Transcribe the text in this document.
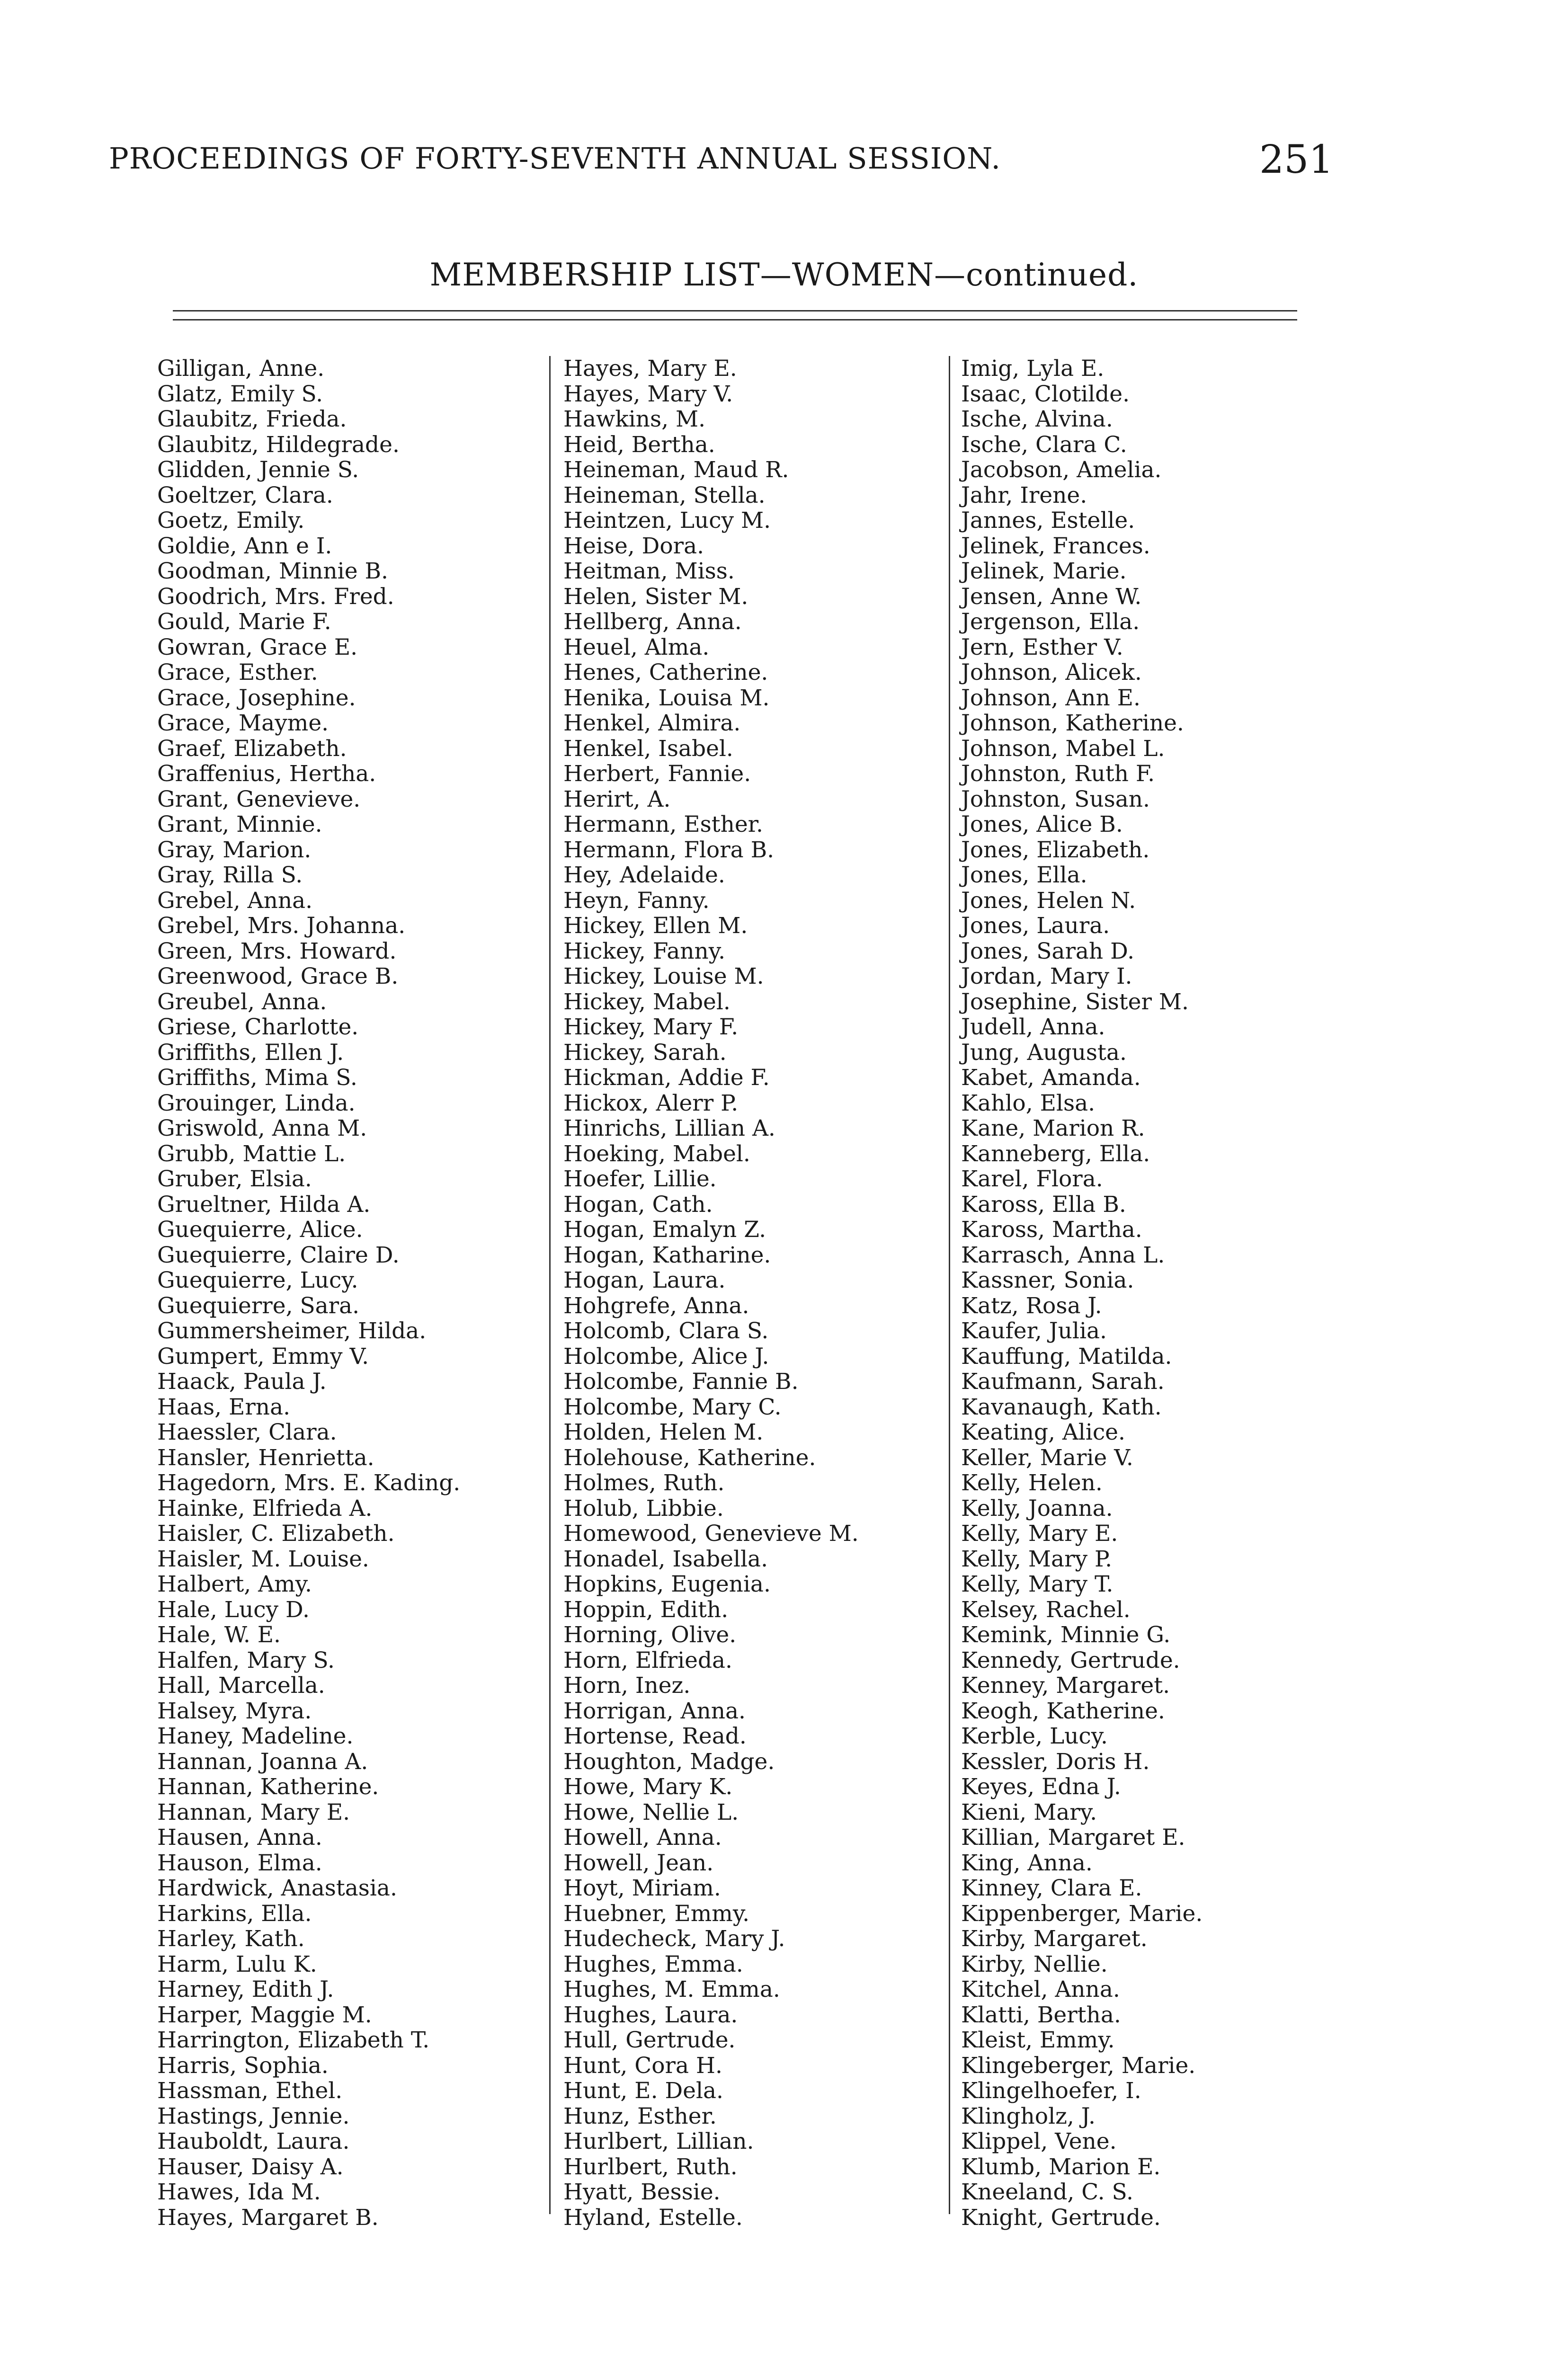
PROCEEDINGS OF FORTY-SEVENTH ANNUAL SESSION.	251
MEMBERSHIP LIST—WOMEN—continued.
Gilligan, Anne.
Glatz, Emily S.
Glaubitz, Frieda.
Glaubitz, Hildegrade.
Glidden, Jennie S.
Goeltzer, Clara.
Goetz, Emily.
Goldie, Ann e I.
Goodman, Minnie B.
Goodrich, Mrs. Fred.
Gould, Marie F.
Gowran, Grace E.
Grace, Esther.
Grace, Josephine.
Grace, Mayme.
Graef, Elizabeth.
Graffenius, Hertha.
Grant, Genevieve.
Grant, Minnie.
Gray, Marion.
Gray, Rilla S.
Grebel, Anna.
Grebel, Mrs. Johanna.
Green, Mrs. Howard.
Greenwood, Grace B.
Greubel, Anna.
Griese, Charlotte.
Griffiths, Ellen J.
Griffiths, Mima S.
Grouinger, Linda.
Griswold, Anna M.
Grubb, Mattie L.
Gruber, Elsia.
Grueltner, Hilda A.
Guequierre, Alice.
Guequierre, Claire D.
Guequierre, Lucy.
Guequierre, Sara.
Gummersheimer, Hilda.
Gumpert, Emmy V.
Haack, Paula J.
Haas, Erna.
Haessler, Clara.
Hansler, Henrietta.
Hagedorn, Mrs. E. Kading.
Hainke, Elfrieda A.
Haisler, C. Elizabeth.
Haisler, M. Louise.
Halbert, Amy.
Hale, Lucy D.
Hale, W. E.
Halfen, Mary S.
Hall, Marcella.
Halsey, Myra.
Haney, Madeline.
Hannan, Joanna A.
Hannan, Katherine.
Hannan, Mary E.
Hausen, Anna.
Hauson, Elma.
Hardwick, Anastasia.
Harkins, Ella.
Harley, Kath.
Harm, Lulu K.
Harney, Edith J.
Harper, Maggie M.
Harrington, Elizabeth T.
Harris, Sophia.
Hassman, Ethel.
Hastings, Jennie.
Hauboldt, Laura.
Hauser, Daisy A.
Hawes, Ida M.
Hayes, Margaret B.
Hayes, Mary E.
Hayes, Mary V.
Hawkins, M.
Heid, Bertha.
Heineman, Maud R.
Heineman, Stella.
Heintzen, Lucy M.
Heise, Dora.
Heitman, Miss.
Helen, Sister M.
Hellberg, Anna.
Heuel, Alma.
Henes, Catherine.
Henika, Louisa M.
Henkel, Almira.
Henkel, Isabel.
Herbert, Fannie.
Herirt, A.
Hermann, Esther.
Hermann, Flora B.
Hey, Adelaide.
Heyn, Fanny.
Hickey, Ellen M.
Hickey, Fanny.
Hickey, Louise M.
Hickey, Mabel.
Hickey, Mary F.
Hickey, Sarah.
Hickman, Addie F.
Hickox, Alerr P.
Hinrichs, Lillian A.
Hoeking, Mabel.
Hoefer, Lillie.
Hogan, Cath.
Hogan, Emalyn Z.
Hogan, Katharine.
Hogan, Laura.
Hohgrefe, Anna.
Holcomb, Clara S.
Holcombe, Alice J.
Holcombe, Fannie B.
Holcombe, Mary C.
Holden, Helen M.
Holehouse, Katherine.
Holmes, Ruth.
Holub, Libbie.
Homewood, Genevieve M.
Honadel, Isabella.
Hopkins, Eugenia.
Hoppin, Edith.
Horning, Olive.
Horn, Elfrieda.
Horn, Inez.
Horrigan, Anna.
Hortense, Read.
Houghton, Madge.
Howe, Mary K.
Howe, Nellie L.
Howell, Anna.
Howell, Jean.
Hoyt, Miriam.
Huebner, Emmy.
Hudecheck, Mary J.
Hughes, Emma.
Hughes, M. Emma.
Hughes, Laura.
Hull, Gertrude.
Hunt, Cora H.
Hunt, E. Dela.
Hunz, Esther.
Hurlbert, Lillian.
Hurlbert, Ruth.
Hyatt, Bessie.
Hyland, Estelle.
Imig, Lyla E.
Isaac, Clotilde.
Ische, Alvina.
Ische, Clara C.
Jacobson, Amelia.
Jahr, Irene.
Jannes, Estelle.
Jelinek, Frances.
Jelinek, Marie.
Jensen, Anne W.
Jergenson, Ella.
Jern, Esther V.
Johnson, Alicek.
Johnson, Ann E.
Johnson, Katherine.
Johnson, Mabel L.
Johnston, Ruth F.
Johnston, Susan.
Jones, Alice B.
Jones, Elizabeth.
Jones, Ella.
Jones, Helen N.
Jones, Laura.
Jones, Sarah D.
Jordan, Mary I.
Josephine, Sister M.
Judell, Anna.
Jung, Augusta.
Kabet, Amanda.
Kahlo, Elsa.
Kane, Marion R.
Kanneberg, Ella.
Karel, Flora.
Kaross, Ella B.
Kaross, Martha.
Karrasch, Anna L.
Kassner, Sonia.
Katz, Rosa J.
Kaufer, Julia.
Kauffung, Matilda.
Kaufmann, Sarah.
Kavanaugh, Kath.
Keating, Alice.
Keller, Marie V.
Kelly, Helen.
Kelly, Joanna.
Kelly, Mary E.
Kelly, Mary P.
Kelly, Mary T.
Kelsey, Rachel.
Kemink, Minnie G.
Kennedy, Gertrude.
Kenney, Margaret.
Keogh, Katherine.
Kerble, Lucy.
Kessler, Doris H.
Keyes, Edna J.
Kieni, Mary.
Killian, Margaret E.
King, Anna.
Kinney, Clara E.
Kippenberger, Marie.
Kirby, Margaret.
Kirby, Nellie.
Kitchel, Anna.
Klatti, Bertha.
Kleist, Emmy.
Klingeberger, Marie.
Klingelhoefer, I.
Klingholz, J.
Klippel, Vene.
Klumb, Marion E.
Kneeland, C. S.
Knight, Gertrude.
